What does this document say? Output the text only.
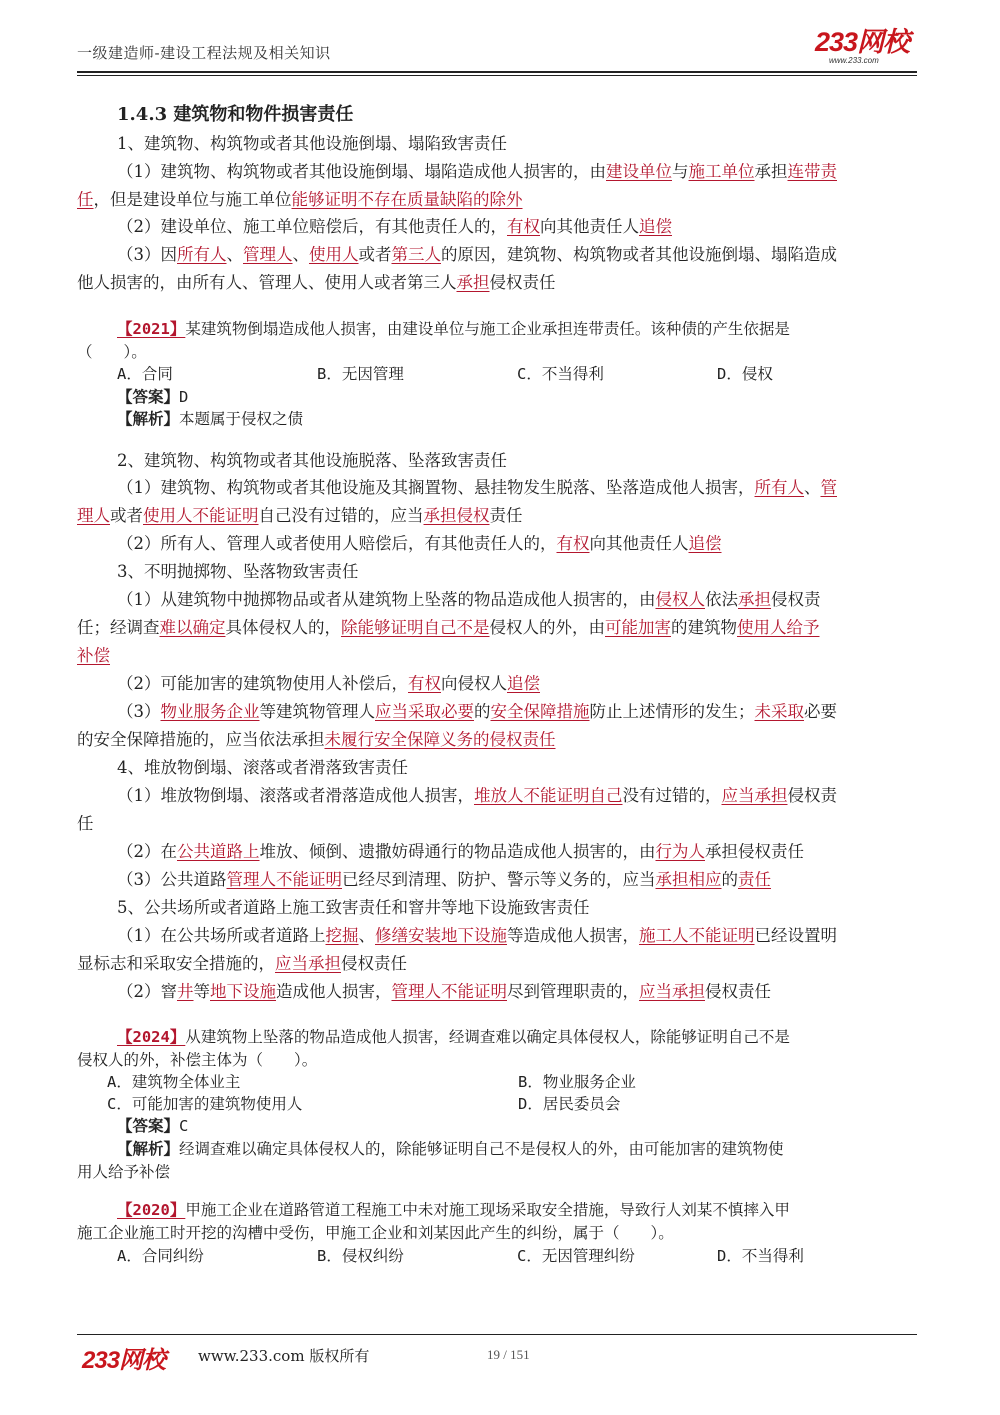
一级建造师-建设工程法规及相关知识	233网校
www.233.com
1.4.3 建筑物和物件损害责任
1、建筑物、构筑物或者其他设施倒塌、塌陷致害责任
（1）建筑物、构筑物或者其他设施倒塌、塌陷造成他人损害的，由建设单位与施工单位承担连带责
任，但是建设单位与施工单位能够证明不存在质量缺陷的除外
（2）建设单位、施工单位赔偿后，有其他责任人的，有权向其他责任人追偿
（3）因所有人、管理人、使用人或者第三人的原因，建筑物、构筑物或者其他设施倒塌、塌陷造成
他人损害的，由所有人、管理人、使用人或者第三人承担侵权责任
2、建筑物、构筑物或者其他设施脱落、坠落致害责任
（1）建筑物、构筑物或者其他设施及其搁置物、悬挂物发生脱落、坠落造成他人损害，所有人、管
理人或者使用人不能证明自己没有过错的，应当承担侵权责任
（2）所有人、管理人或者使用人赔偿后，有其他责任人的，有权向其他责任人追偿
3、不明抛掷物、坠落物致害责任
（1）从建筑物中抛掷物品或者从建筑物上坠落的物品造成他人损害的，由侵权人依法承担侵权责
任；经调查难以确定具体侵权人的，除能够证明自己不是侵权人的外，由可能加害的建筑物使用人给予
补偿
（2）可能加害的建筑物使用人补偿后，有权向侵权人追偿
（3）物业服务企业等建筑物管理人应当采取必要的安全保障措施防止上述情形的发生；未采取必要
的安全保障措施的，应当依法承担未履行安全保障义务的侵权责任
4、堆放物倒塌、滚落或者滑落致害责任
（1）堆放物倒塌、滚落或者滑落造成他人损害，堆放人不能证明自己没有过错的，应当承担侵权责
任
（2）在公共道路上堆放、倾倒、遗撒妨碍通行的物品造成他人损害的，由行为人承担侵权责任
（3）公共道路管理人不能证明已经尽到清理、防护、警示等义务的，应当承担相应的责任
5、公共场所或者道路上施工致害责任和窨井等地下设施致害责任
（1）在公共场所或者道路上挖掘、修缮安装地下设施等造成他人损害，施工人不能证明已经设置明
显标志和采取安全措施的，应当承担侵权责任
（2）窨井等地下设施造成他人损害，管理人不能证明尽到管理职责的，应当承担侵权责任
【2021】某建筑物倒塌造成他人损害，由建设单位与施工企业承担连带责任。该种债的产生依据是
（　　）。
A．合同	B．无因管理	C．不当得利	D．侵权
【答案】D
【解析】本题属于侵权之债
【2024】从建筑物上坠落的物品造成他人损害，经调查难以确定具体侵权人，除能够证明自己不是
侵权人的外，补偿主体为（　　）。
A．建筑物全体业主	B．物业服务企业
C．可能加害的建筑物使用人	D．居民委员会
【答案】C
【解析】经调查难以确定具体侵权人的，除能够证明自己不是侵权人的外，由可能加害的建筑物使
用人给予补偿
【2020】甲施工企业在道路管道工程施工中未对施工现场采取安全措施，导致行人刘某不慎摔入甲
施工企业施工时开挖的沟槽中受伤，甲施工企业和刘某因此产生的纠纷，属于（　　）。
A．合同纠纷	B．侵权纠纷	C．无因管理纠纷	D．不当得利
233网校 www.233.com 版权所有	19 / 151
